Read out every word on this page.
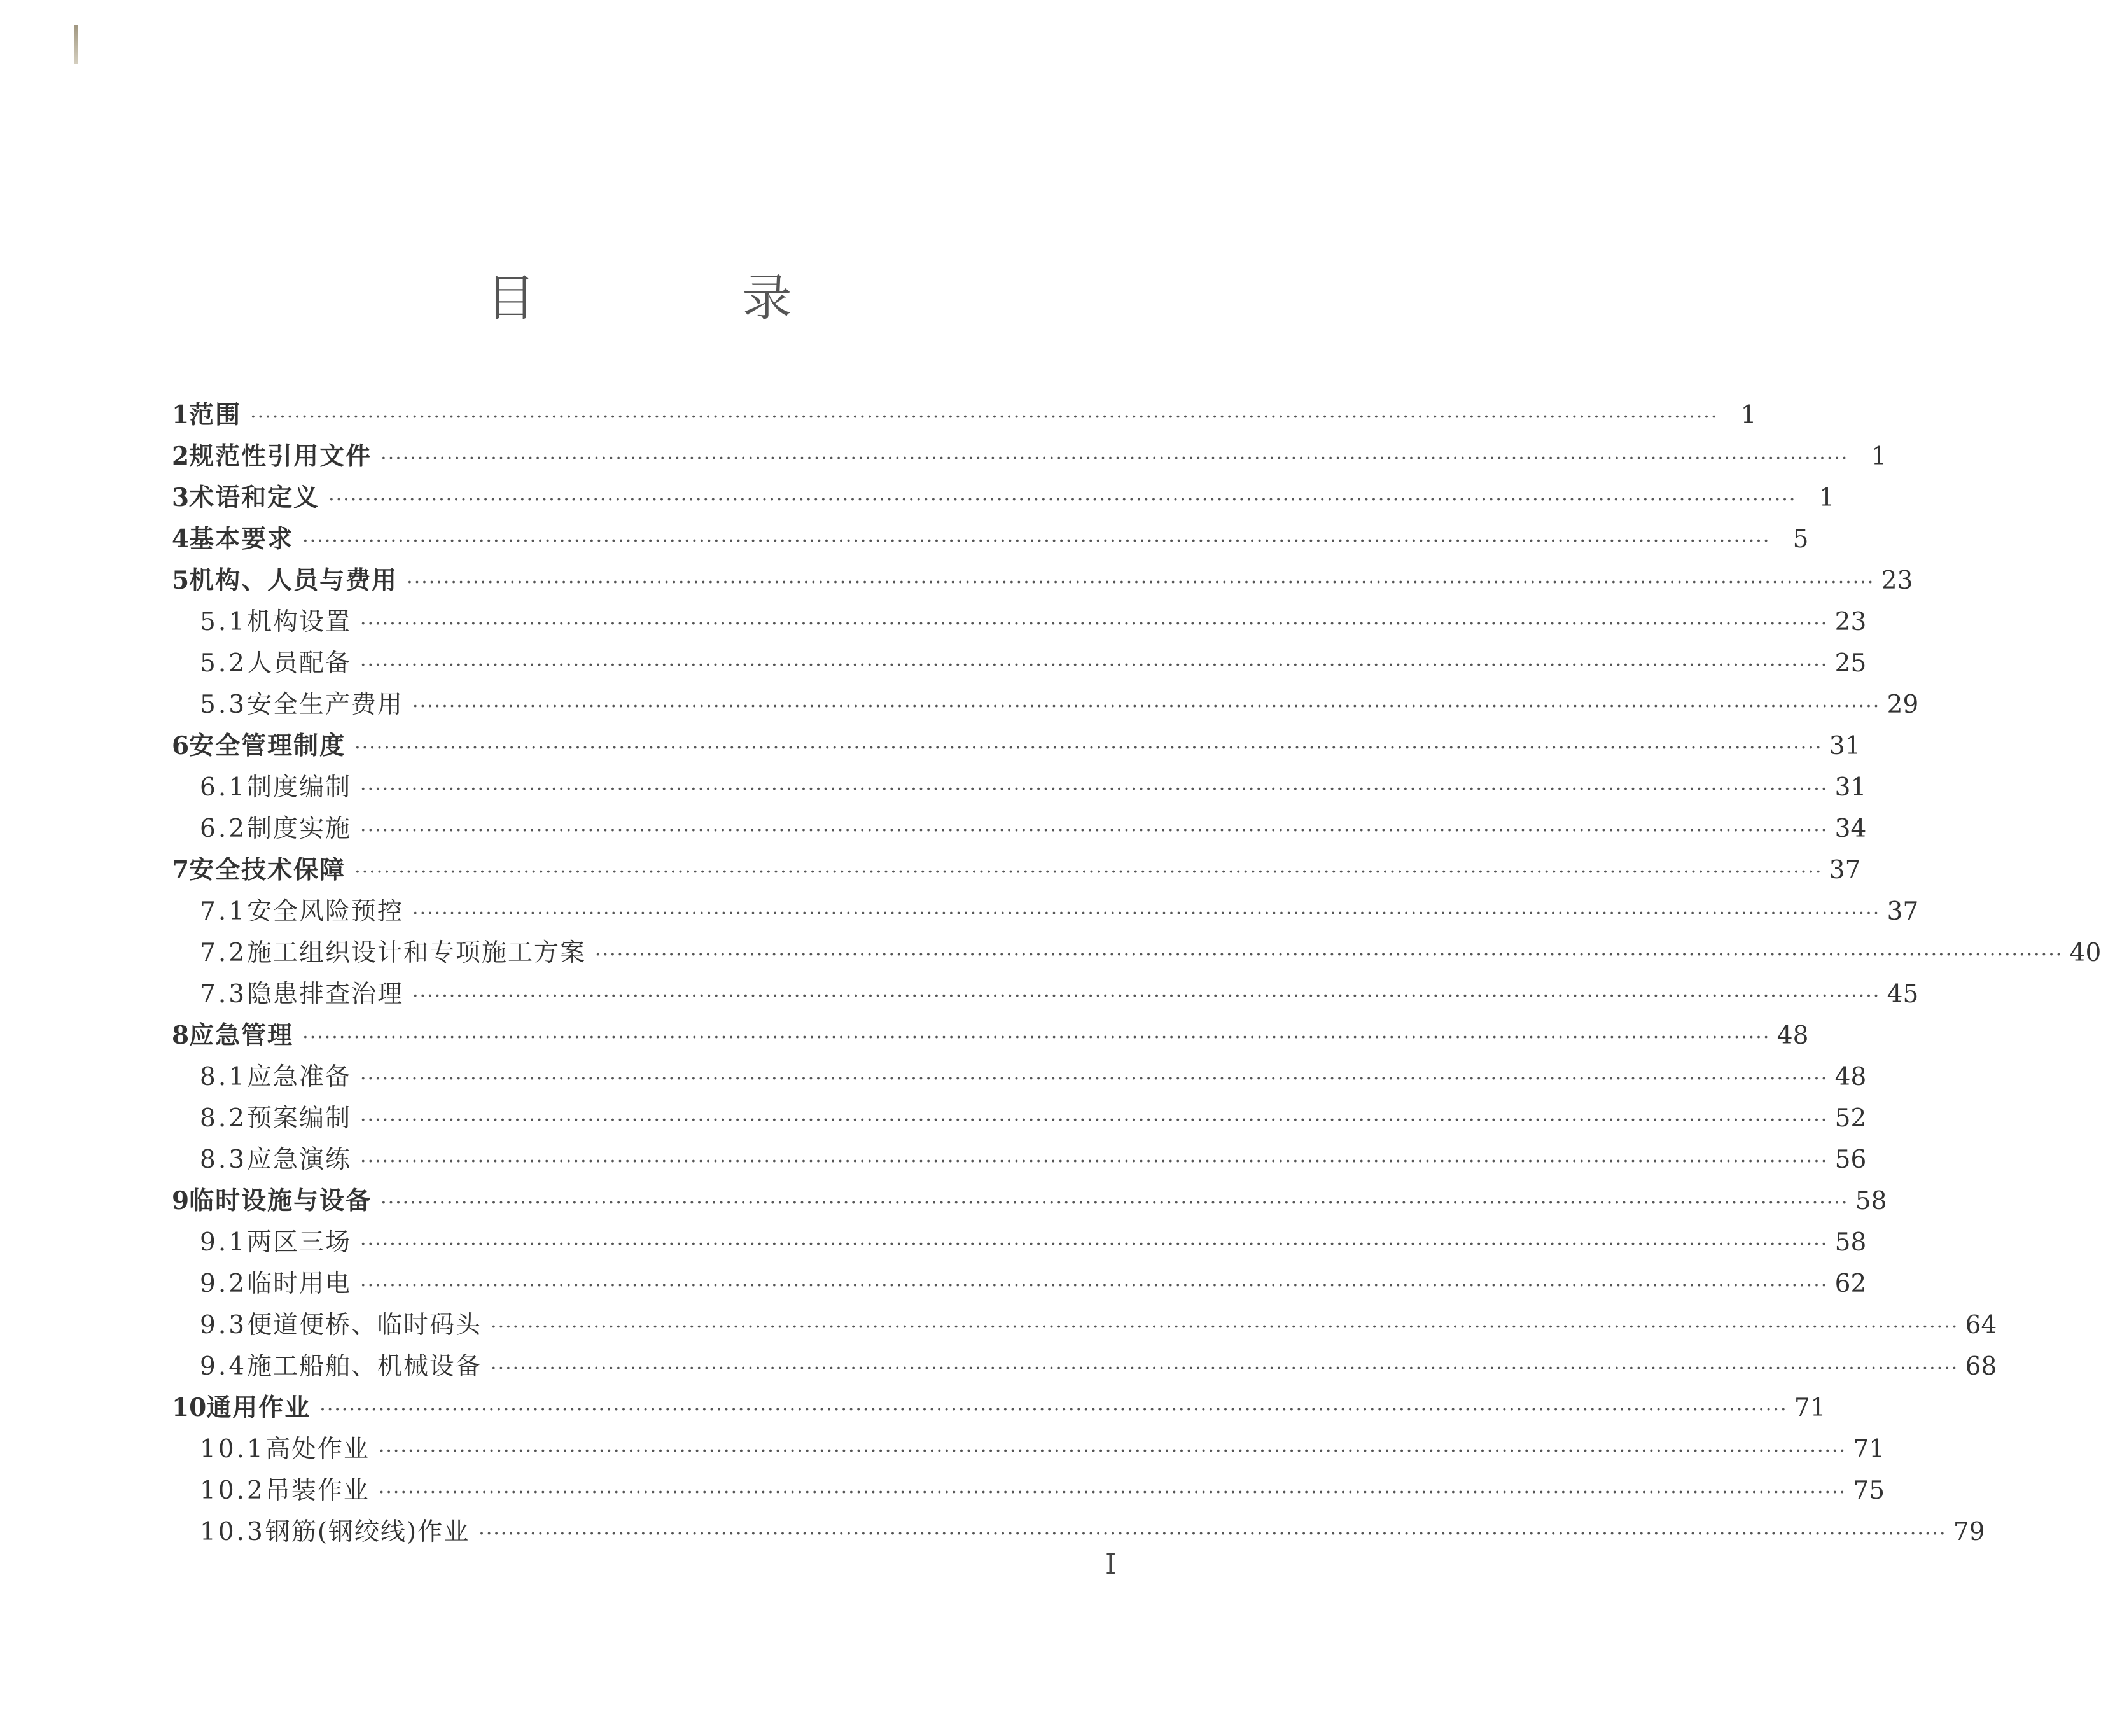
目 录
1 范围 ········································································································································································································ 1
2 规范性引用文件 ········································································································································································································ 1
3 术语和定义 ········································································································································································································ 1
4 基本要求 ········································································································································································································ 5
5 机构、人员与费用 ········································································································································································································ 23
5.1 机构设置 ········································································································································································································ 23
5.2 人员配备 ········································································································································································································ 25
5.3 安全生产费用 ········································································································································································································ 29
6 安全管理制度 ········································································································································································································ 31
6.1 制度编制 ········································································································································································································ 31
6.2 制度实施 ········································································································································································································ 34
7 安全技术保障 ········································································································································································································ 37
7.1 安全风险预控 ········································································································································································································ 37
7.2 施工组织设计和专项施工方案 ········································································································································································································ 40
7.3 隐患排查治理 ········································································································································································································ 45
8 应急管理 ········································································································································································································ 48
8.1 应急准备 ········································································································································································································ 48
8.2 预案编制 ········································································································································································································ 52
8.3 应急演练 ········································································································································································································ 56
9 临时设施与设备 ········································································································································································································ 58
9.1 两区三场 ········································································································································································································ 58
9.2 临时用电 ········································································································································································································ 62
9.3 便道便桥、临时码头 ········································································································································································································ 64
9.4 施工船舶、机械设备 ········································································································································································································ 68
10 通用作业 ········································································································································································································ 71
10.1 高处作业 ········································································································································································································ 71
10.2 吊装作业 ········································································································································································································ 75
10.3 钢筋(钢绞线)作业 ········································································································································································································ 79

I
